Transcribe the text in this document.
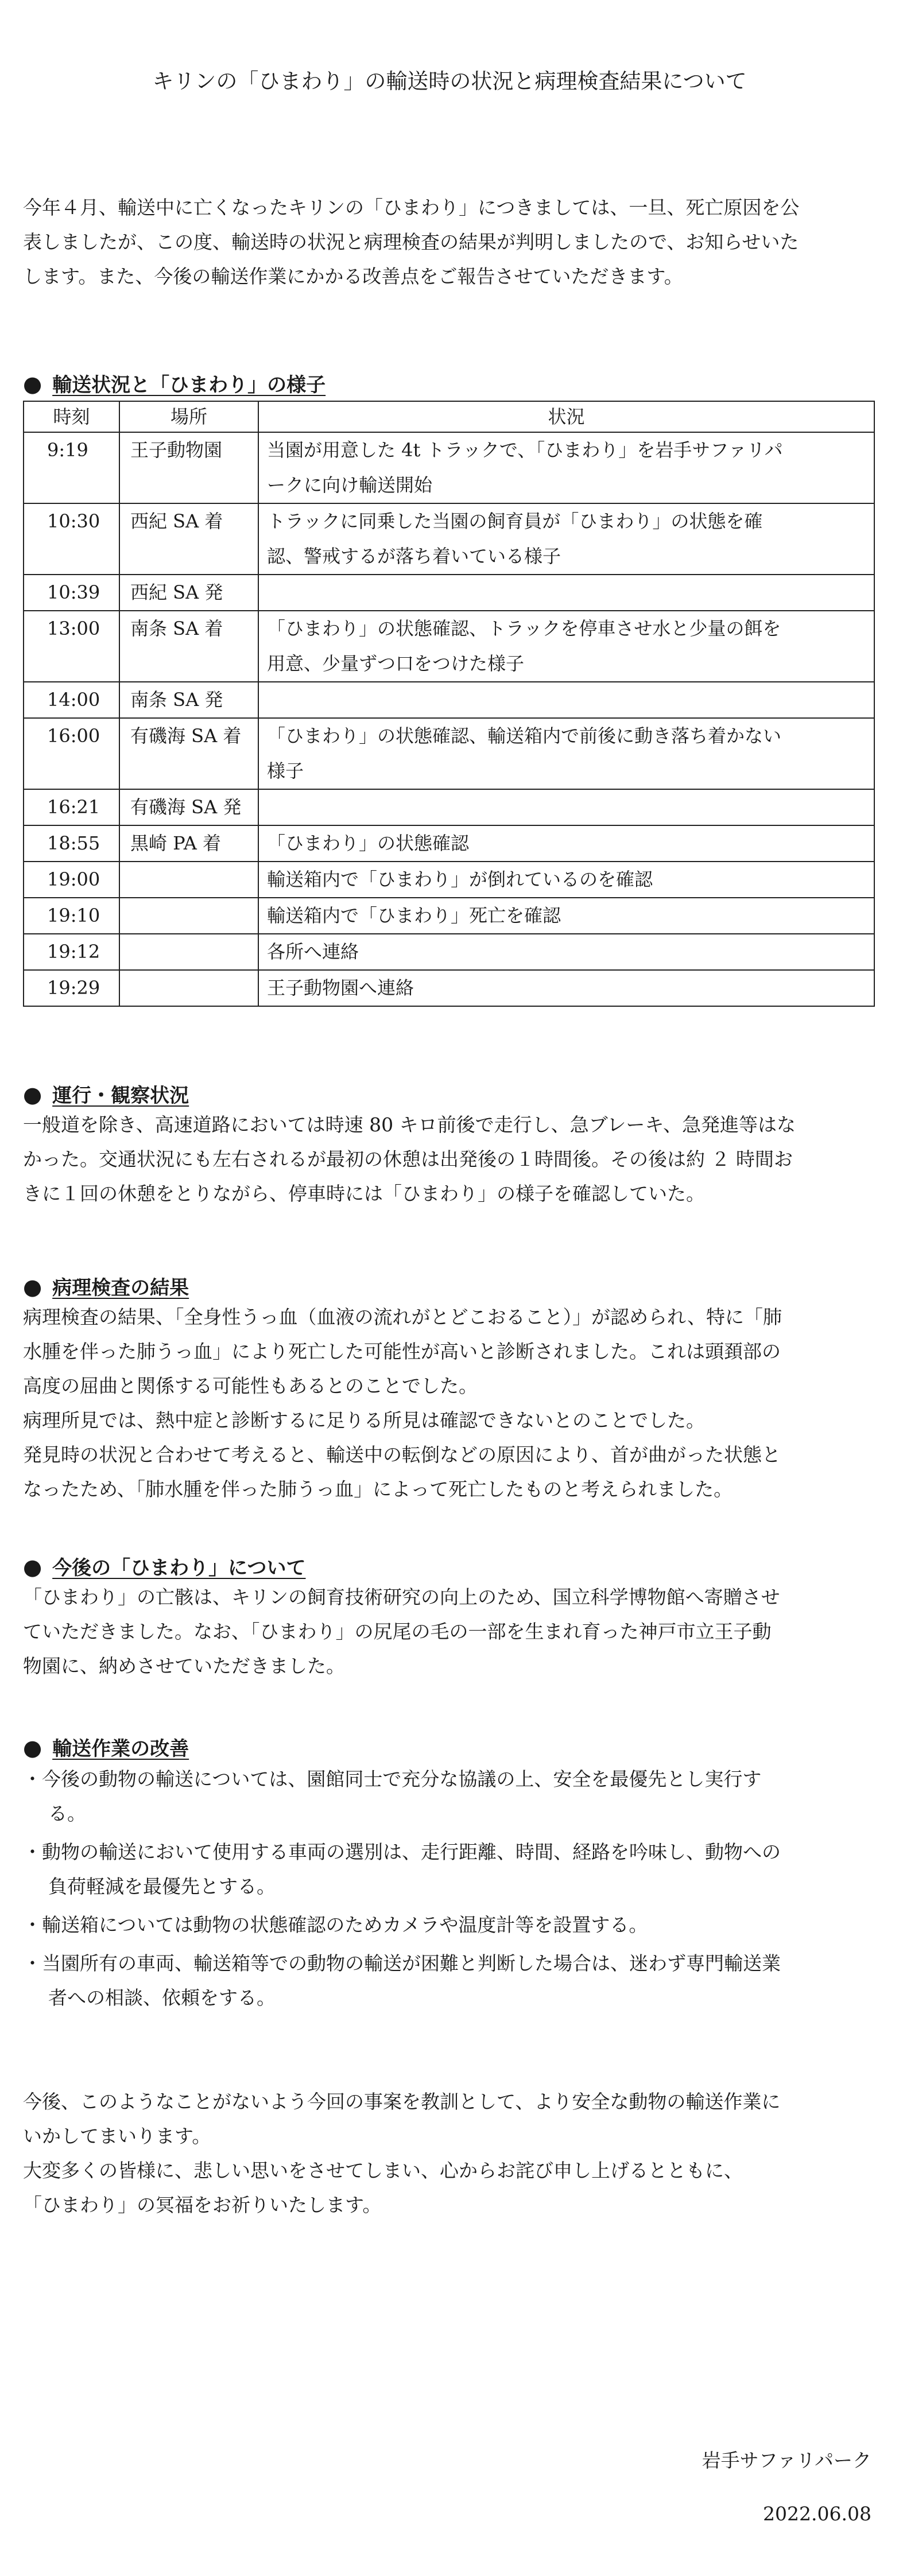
キリンの「ひまわり」の輸送時の状況と病理検査結果について

今年４月、輸送中に亡くなったキリンの「ひまわり」につきましては、一旦、死亡原因を公
表しましたが、この度、輸送時の状況と病理検査の結果が判明しましたので、お知らせいた
します。また、今後の輸送作業にかかる改善点をご報告させていただきます。

● 輸送状況と「ひまわり」の様子
時刻	場所	状況
9:19	王子動物園	当園が用意した 4t トラックで、「ひまわり」を岩手サファリパ
ークに向け輸送開始
10:30	西紀 SA 着	トラックに同乗した当園の飼育員が「ひまわり」の状態を確
認、警戒するが落ち着いている様子
10:39	西紀 SA 発	
13:00	南条 SA 着	「ひまわり」の状態確認、トラックを停車させ水と少量の餌を
用意、少量ずつ口をつけた様子
14:00	南条 SA 発	
16:00	有磯海 SA 着	「ひまわり」の状態確認、輸送箱内で前後に動き落ち着かない
様子
16:21	有磯海 SA 発	
18:55	黒崎 PA 着	「ひまわり」の状態確認
19:00		輸送箱内で「ひまわり」が倒れているのを確認
19:10		輸送箱内で「ひまわり」死亡を確認
19:12		各所へ連絡
19:29		王子動物園へ連絡
● 運行・観察状況

一般道を除き、高速道路においては時速 80 キロ前後で走行し、急ブレーキ、急発進等はな
かった。交通状況にも左右されるが最初の休憩は出発後の１時間後。その後は約 ２ 時間お
きに１回の休憩をとりながら、停車時には「ひまわり」の様子を確認していた。

● 病理検査の結果

病理検査の結果、「全身性うっ血（血液の流れがとどこおること）」が認められ、特に「肺
水腫を伴った肺うっ血」により死亡した可能性が高いと診断されました。これは頭頚部の
高度の屈曲と関係する可能性もあるとのことでした。
病理所見では、熱中症と診断するに足りる所見は確認できないとのことでした。
発見時の状況と合わせて考えると、輸送中の転倒などの原因により、首が曲がった状態と
なったため、「肺水腫を伴った肺うっ血」によって死亡したものと考えられました。

● 今後の「ひまわり」について

「ひまわり」の亡骸は、キリンの飼育技術研究の向上のため、国立科学博物館へ寄贈させ
ていただきました。なお、「ひまわり」の尻尾の毛の一部を生まれ育った神戸市立王子動
物園に、納めさせていただきました。

● 輸送作業の改善
・今後の動物の輸送については、園館同士で充分な協議の上、安全を最優先とし実行す
る。
・動物の輸送において使用する車両の選別は、走行距離、時間、経路を吟味し、動物への
負荷軽減を最優先とする。
・輸送箱については動物の状態確認のためカメラや温度計等を設置する。
・当園所有の車両、輸送箱等での動物の輸送が困難と判断した場合は、迷わず専門輸送業
者への相談、依頼をする。

今後、このようなことがないよう今回の事案を教訓として、より安全な動物の輸送作業に
いかしてまいります。
大変多くの皆様に、悲しい思いをさせてしまい、心からお詫び申し上げるとともに、
「ひまわり」の冥福をお祈りいたします。

岩手サファリパーク
2022.06.08
